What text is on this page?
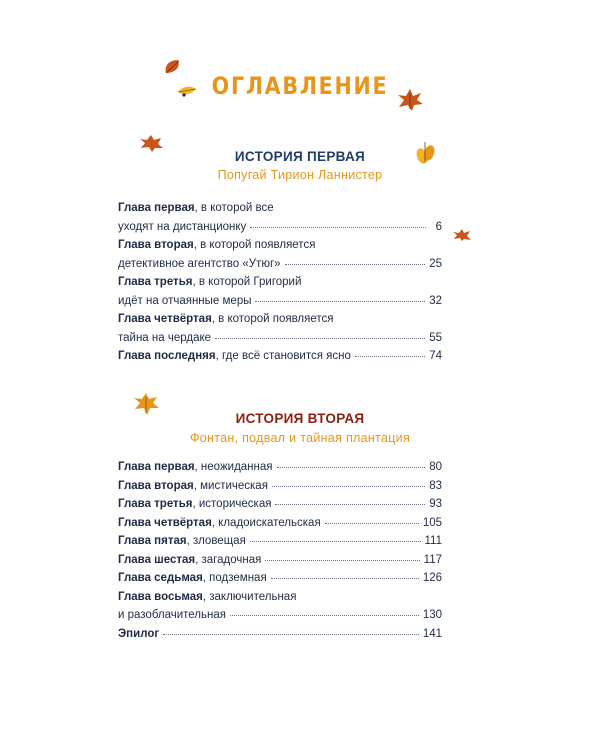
ОГЛАВЛЕНИЕ
ИСТОРИЯ ПЕРВАЯ
Попугай Тирион Ланнистер
Глава первая , в которой все
уходят на дистанционку	6
Глава вторая , в которой появляется
детективное агентство «Утюг»	25
Глава третья , в которой Григорий
идёт на отчаянные меры	32
Глава четвёртая , в которой появляется
тайна на чердаке	55
Глава последняя , где всё становится ясно	74
ИСТОРИЯ ВТОРАЯ
Фонтан, подвал и тайная плантация
Глава первая , неожиданная	80
Глава вторая , мистическая	83
Глава третья , историческая	93
Глава четвёртая , кладоискательская	105
Глава пятая , зловещая	111
Глава шестая , загадочная	117
Глава седьмая , подземная	126
Глава восьмая , заключительная
и разоблачительная	130
Эпилог	141
